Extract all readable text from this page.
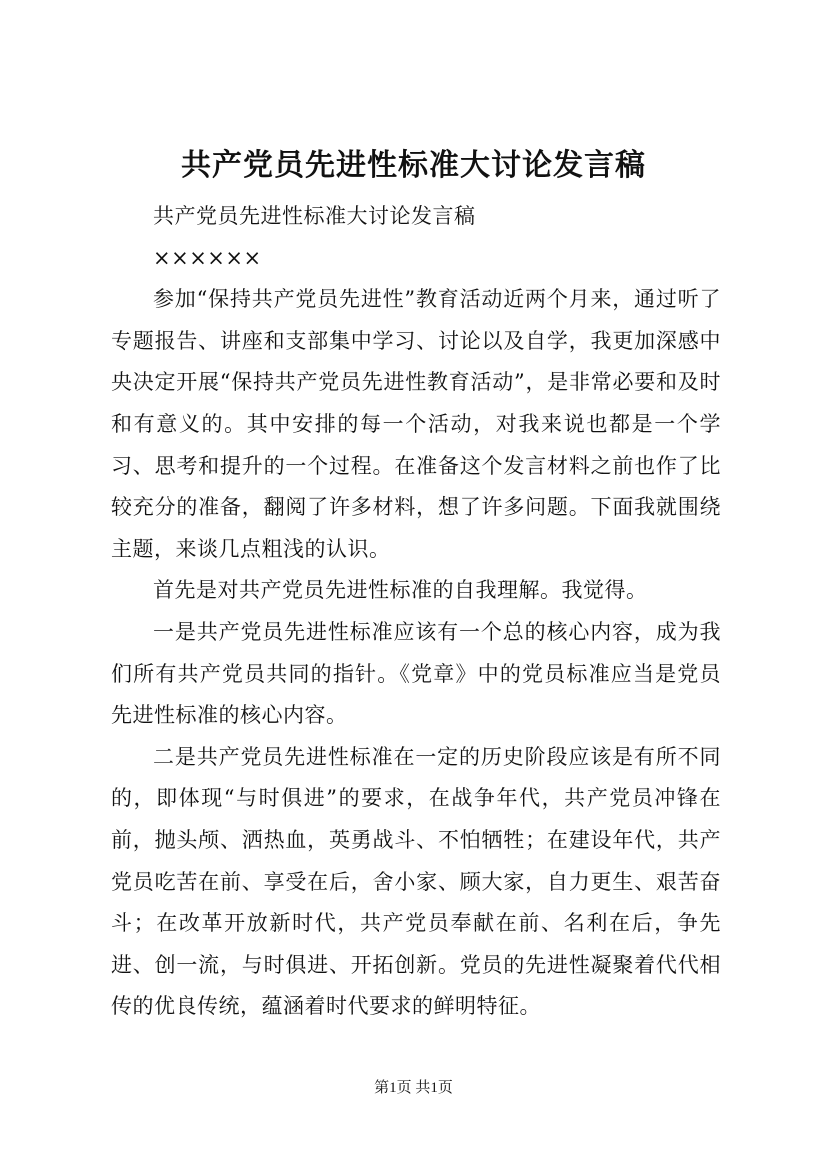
共产党员先进性标准大讨论发言稿

共产党员先进性标准大讨论发言稿

××××××

参加“保持共产党员先进性”教育活动近两个月来，通过听了专题报告、讲座和支部集中学习、讨论以及自学，我更加深感中央决定开展“保持共产党员先进性教育活动”，是非常必要和及时和有意义的。其中安排的每一个活动，对我来说也都是一个学习、思考和提升的一个过程。在准备这个发言材料之前也作了比较充分的准备，翻阅了许多材料，想了许多问题。下面我就围绕主题，来谈几点粗浅的认识。

首先是对共产党员先进性标准的自我理解。我觉得。

一是共产党员先进性标准应该有一个总的核心内容，成为我们所有共产党员共同的指针。《党章》中的党员标准应当是党员先进性标准的核心内容。

二是共产党员先进性标准在一定的历史阶段应该是有所不同的，即体现“与时俱进”的要求，在战争年代，共产党员冲锋在前，抛头颅、洒热血，英勇战斗、不怕牺牲；在建设年代，共产党员吃苦在前、享受在后，舍小家、顾大家，自力更生、艰苦奋斗；在改革开放新时代，共产党员奉献在前、名利在后，争先进、创一流，与时俱进、开拓创新。党员的先进性凝聚着代代相传的优良传统，蕴涵着时代要求的鲜明特征。

第1页 共1页
